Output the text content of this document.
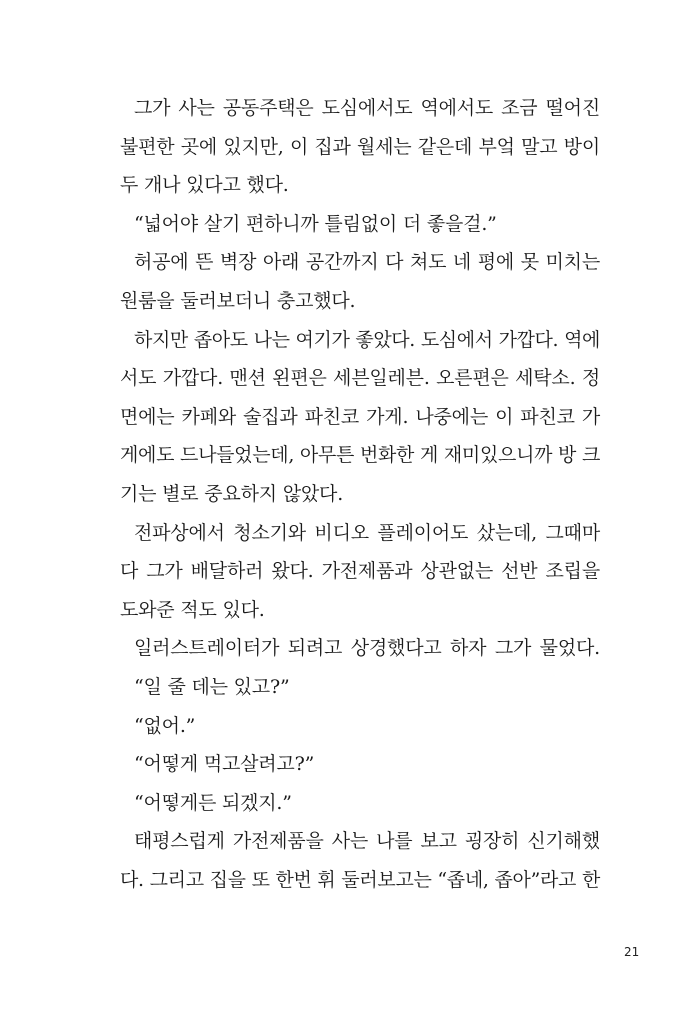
그가 사는 공동주택은 도심에서도 역에서도 조금 떨어진
불편한 곳에 있지만, 이 집과 월세는 같은데 부엌 말고 방이
두 개나 있다고 했다.
“넓어야 살기 편하니까 틀림없이 더 좋을걸.”
허공에 뜬 벽장 아래 공간까지 다 쳐도 네 평에 못 미치는
원룸을 둘러보더니 충고했다.
하지만 좁아도 나는 여기가 좋았다. 도심에서 가깝다. 역에
서도 가깝다. 맨션 왼편은 세븐일레븐. 오른편은 세탁소. 정
면에는 카페와 술집과 파친코 가게. 나중에는 이 파친코 가
게에도 드나들었는데, 아무튼 번화한 게 재미있으니까 방 크
기는 별로 중요하지 않았다.
전파상에서 청소기와 비디오 플레이어도 샀는데, 그때마
다 그가 배달하러 왔다. 가전제품과 상관없는 선반 조립을
도와준 적도 있다.
일러스트레이터가 되려고 상경했다고 하자 그가 물었다.
“일 줄 데는 있고?”
“없어.”
“어떻게 먹고살려고?”
“어떻게든 되겠지.”
태평스럽게 가전제품을 사는 나를 보고 굉장히 신기해했
다. 그리고 집을 또 한번 휘 둘러보고는 “좁네, 좁아”라고 한
21
